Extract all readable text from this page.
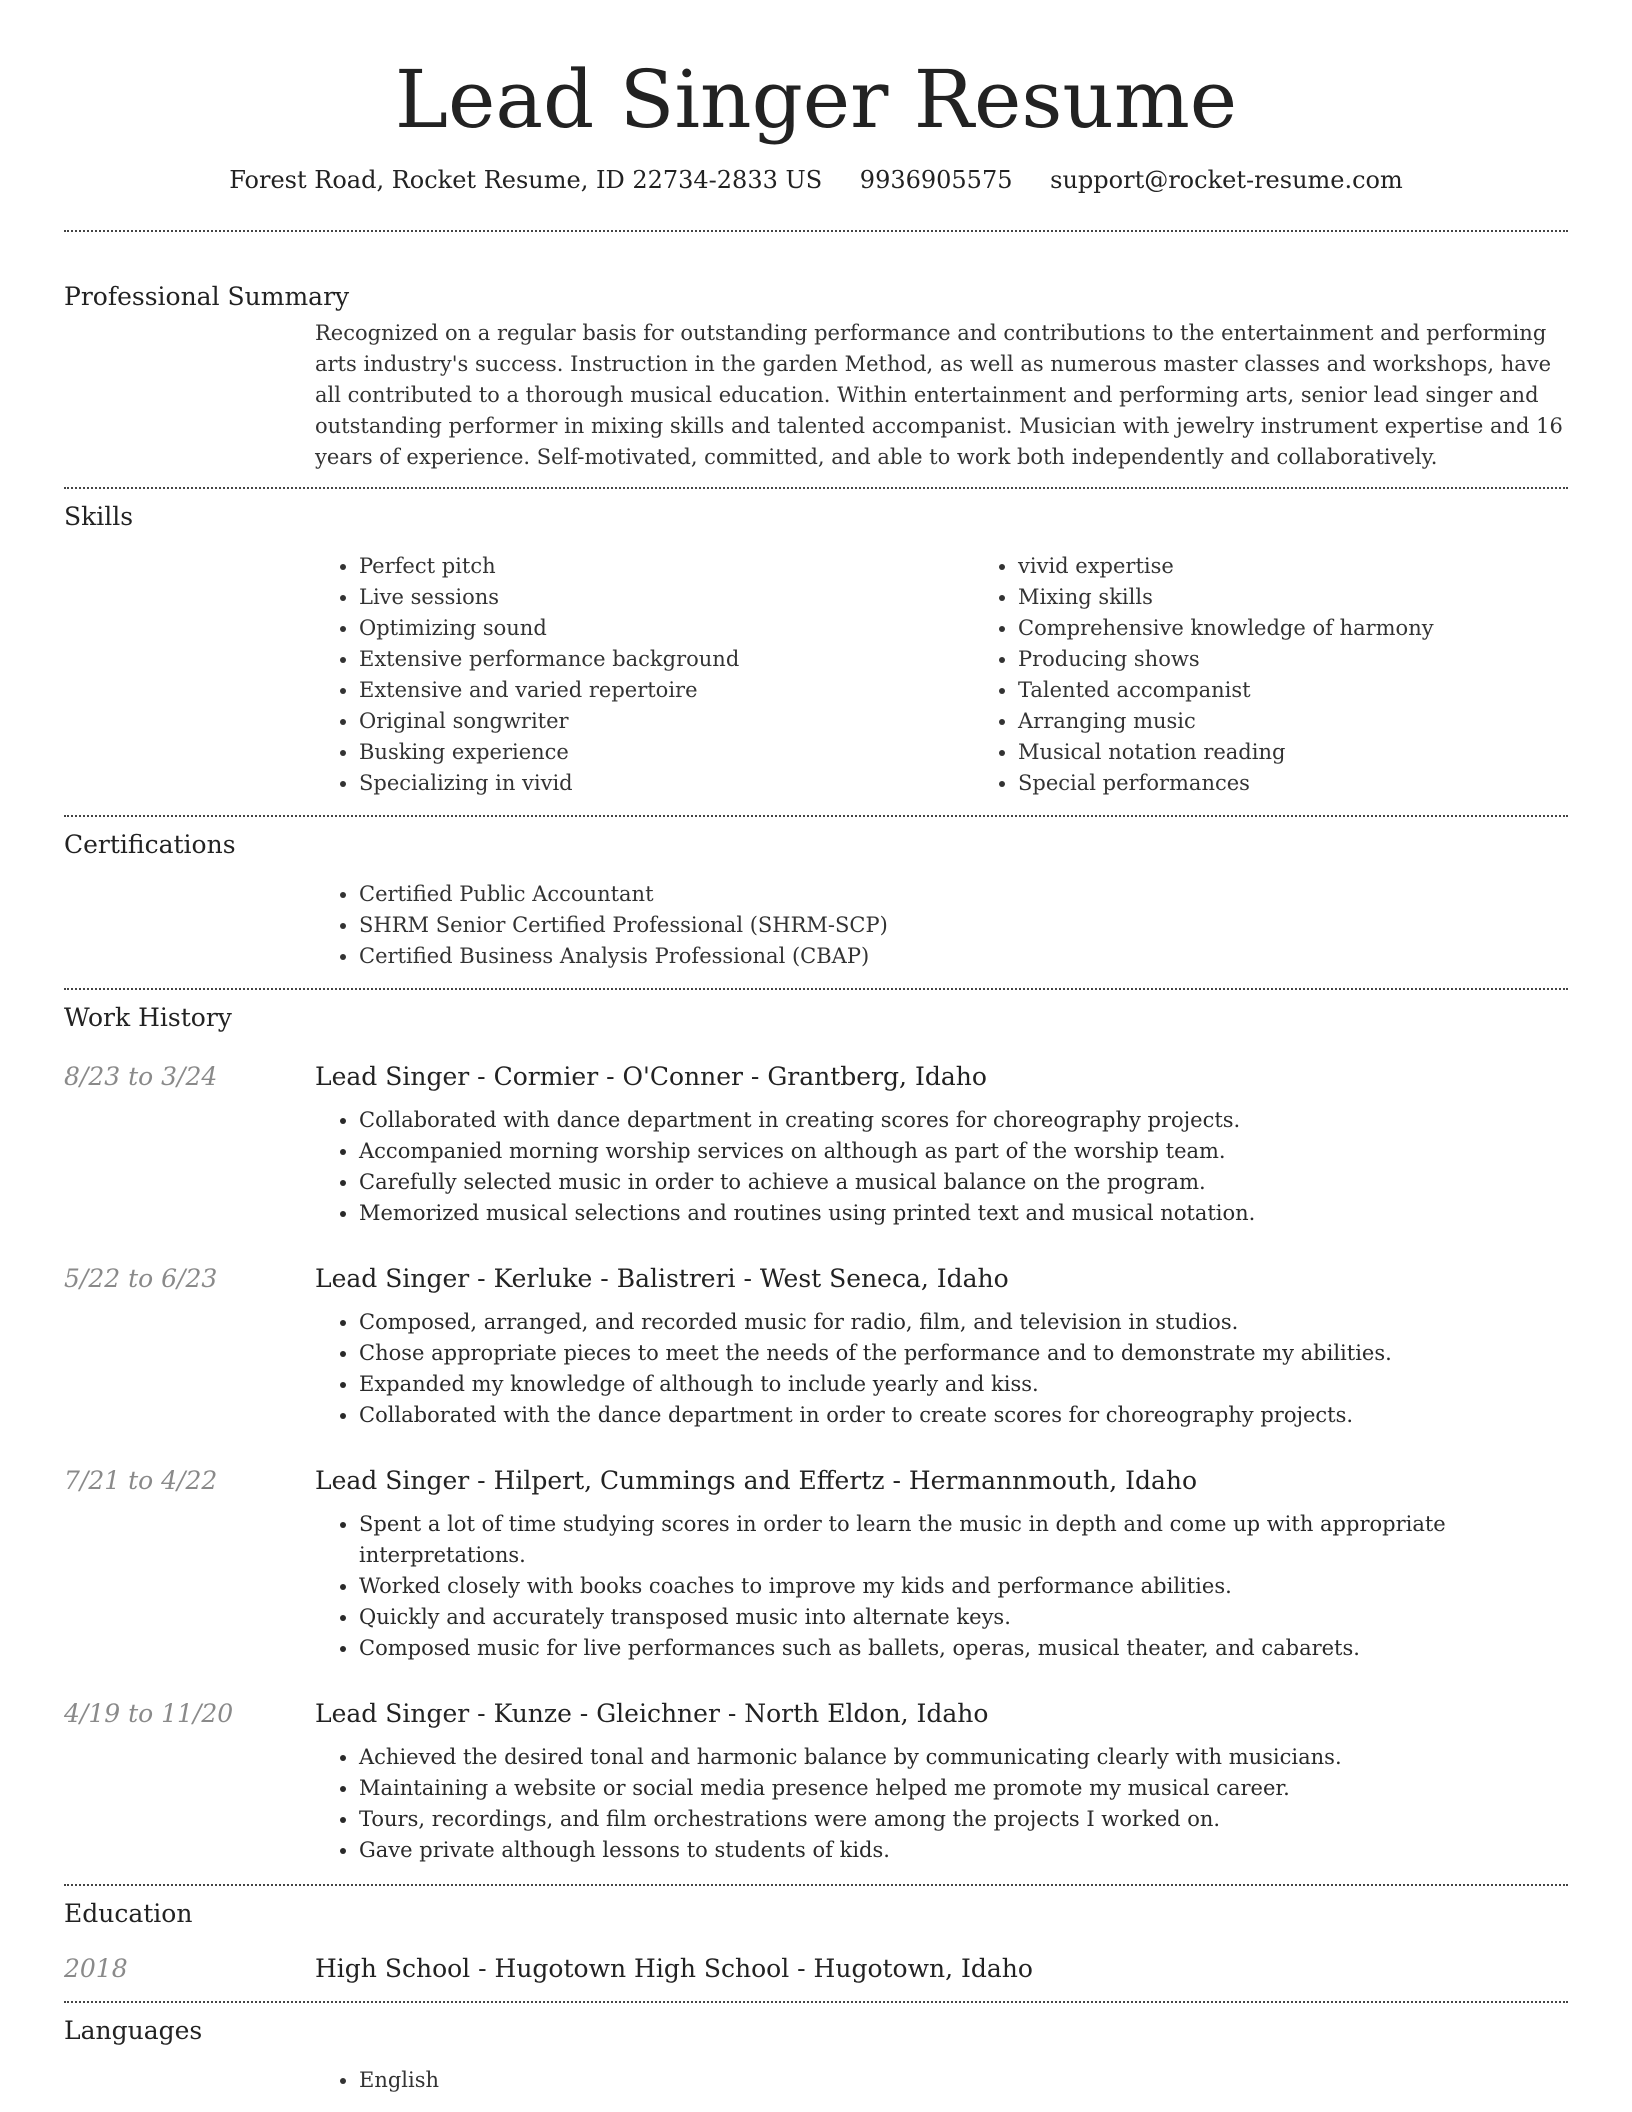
Lead Singer Resume
Forest Road, Rocket Resume, ID 22734-2833 US 9936905575 support@rocket-resume.com
Professional Summary

Recognized on a regular basis for outstanding performance and contributions to the entertainment and performing arts industry's success. Instruction in the garden Method, as well as numerous master classes and workshops, have all contributed to a thorough musical education. Within entertainment and performing arts, senior lead singer and outstanding performer in mixing skills and talented accompanist. Musician with jewelry instrument expertise and 16 years of experience. Self-motivated, committed, and able to work both independently and collaboratively.

Skills
• Perfect pitch
• Live sessions
• Optimizing sound
• Extensive performance background
• Extensive and varied repertoire
• Original songwriter
• Busking experience
• Specializing in vivid
• vivid expertise
• Mixing skills
• Comprehensive knowledge of harmony
• Producing shows
• Talented accompanist
• Arranging music
• Musical notation reading
• Special performances
Certifications
• Certified Public Accountant
• SHRM Senior Certified Professional (SHRM-SCP)
• Certified Business Analysis Professional (CBAP)
Work History
8/23 to 3/24	Lead Singer - Cormier - O'Conner - Grantberg, Idaho
• Collaborated with dance department in creating scores for choreography projects.
• Accompanied morning worship services on although as part of the worship team.
• Carefully selected music in order to achieve a musical balance on the program.
• Memorized musical selections and routines using printed text and musical notation.
5/22 to 6/23	Lead Singer - Kerluke - Balistreri - West Seneca, Idaho
• Composed, arranged, and recorded music for radio, film, and television in studios.
• Chose appropriate pieces to meet the needs of the performance and to demonstrate my abilities.
• Expanded my knowledge of although to include yearly and kiss.
• Collaborated with the dance department in order to create scores for choreography projects.
7/21 to 4/22	Lead Singer - Hilpert, Cummings and Effertz - Hermannmouth, Idaho
• Spent a lot of time studying scores in order to learn the music in depth and come up with appropriate interpretations.
• Worked closely with books coaches to improve my kids and performance abilities.
• Quickly and accurately transposed music into alternate keys.
• Composed music for live performances such as ballets, operas, musical theater, and cabarets.
4/19 to 11/20	Lead Singer - Kunze - Gleichner - North Eldon, Idaho
• Achieved the desired tonal and harmonic balance by communicating clearly with musicians.
• Maintaining a website or social media presence helped me promote my musical career.
• Tours, recordings, and film orchestrations were among the projects I worked on.
• Gave private although lessons to students of kids.
Education
2018	High School - Hugotown High School - Hugotown, Idaho
Languages
• English
